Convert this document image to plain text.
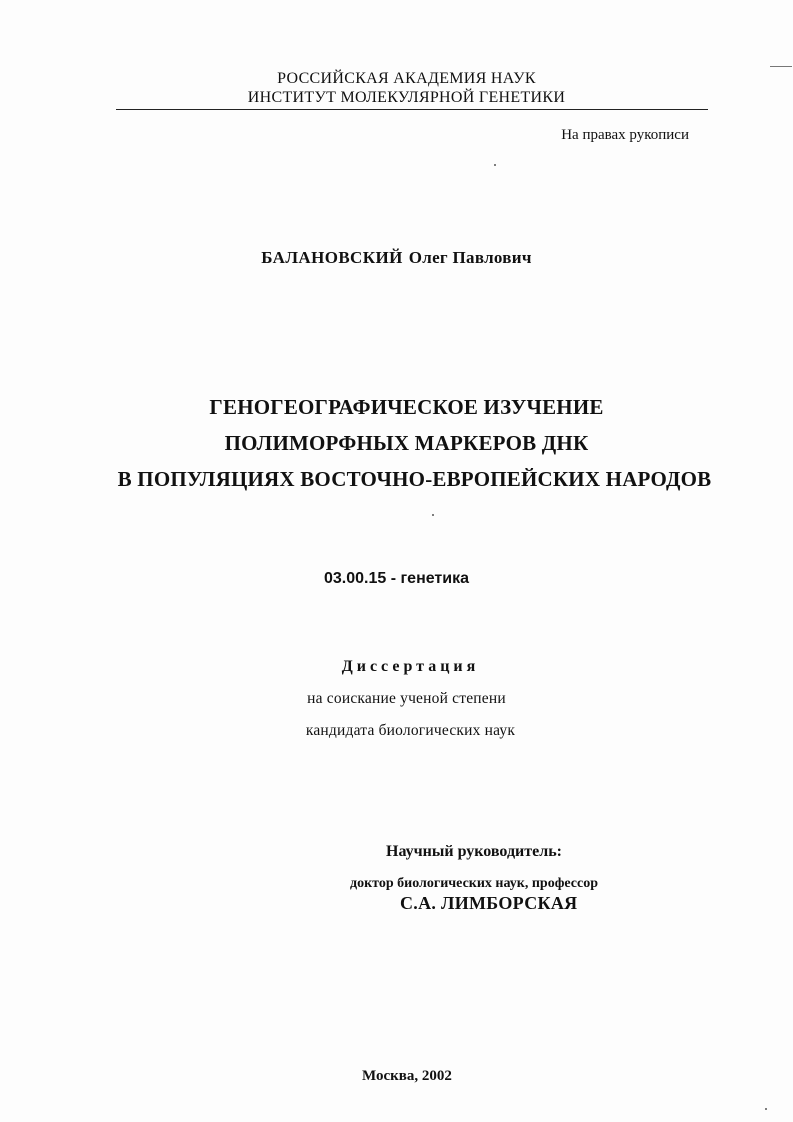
РОССИЙСКАЯ АКАДЕМИЯ НАУК
ИНСТИТУТ МОЛЕКУЛЯРНОЙ ГЕНЕТИКИ
На правах рукописи
БАЛАНОВСКИЙ Олег Павлович
ГЕНОГЕОГРАФИЧЕСКОЕ ИЗУЧЕНИЕ
ПОЛИМОРФНЫХ МАРКЕРОВ ДНК
В ПОПУЛЯЦИЯХ ВОСТОЧНО-ЕВРОПЕЙСКИХ НАРОДОВ
03.00.15 - генетика
Диссертация
на соискание ученой степени
кандидата биологических наук
Научный руководитель:
доктор биологических наук, профессор
С.А. ЛИМБОРСКАЯ
Москва, 2002
